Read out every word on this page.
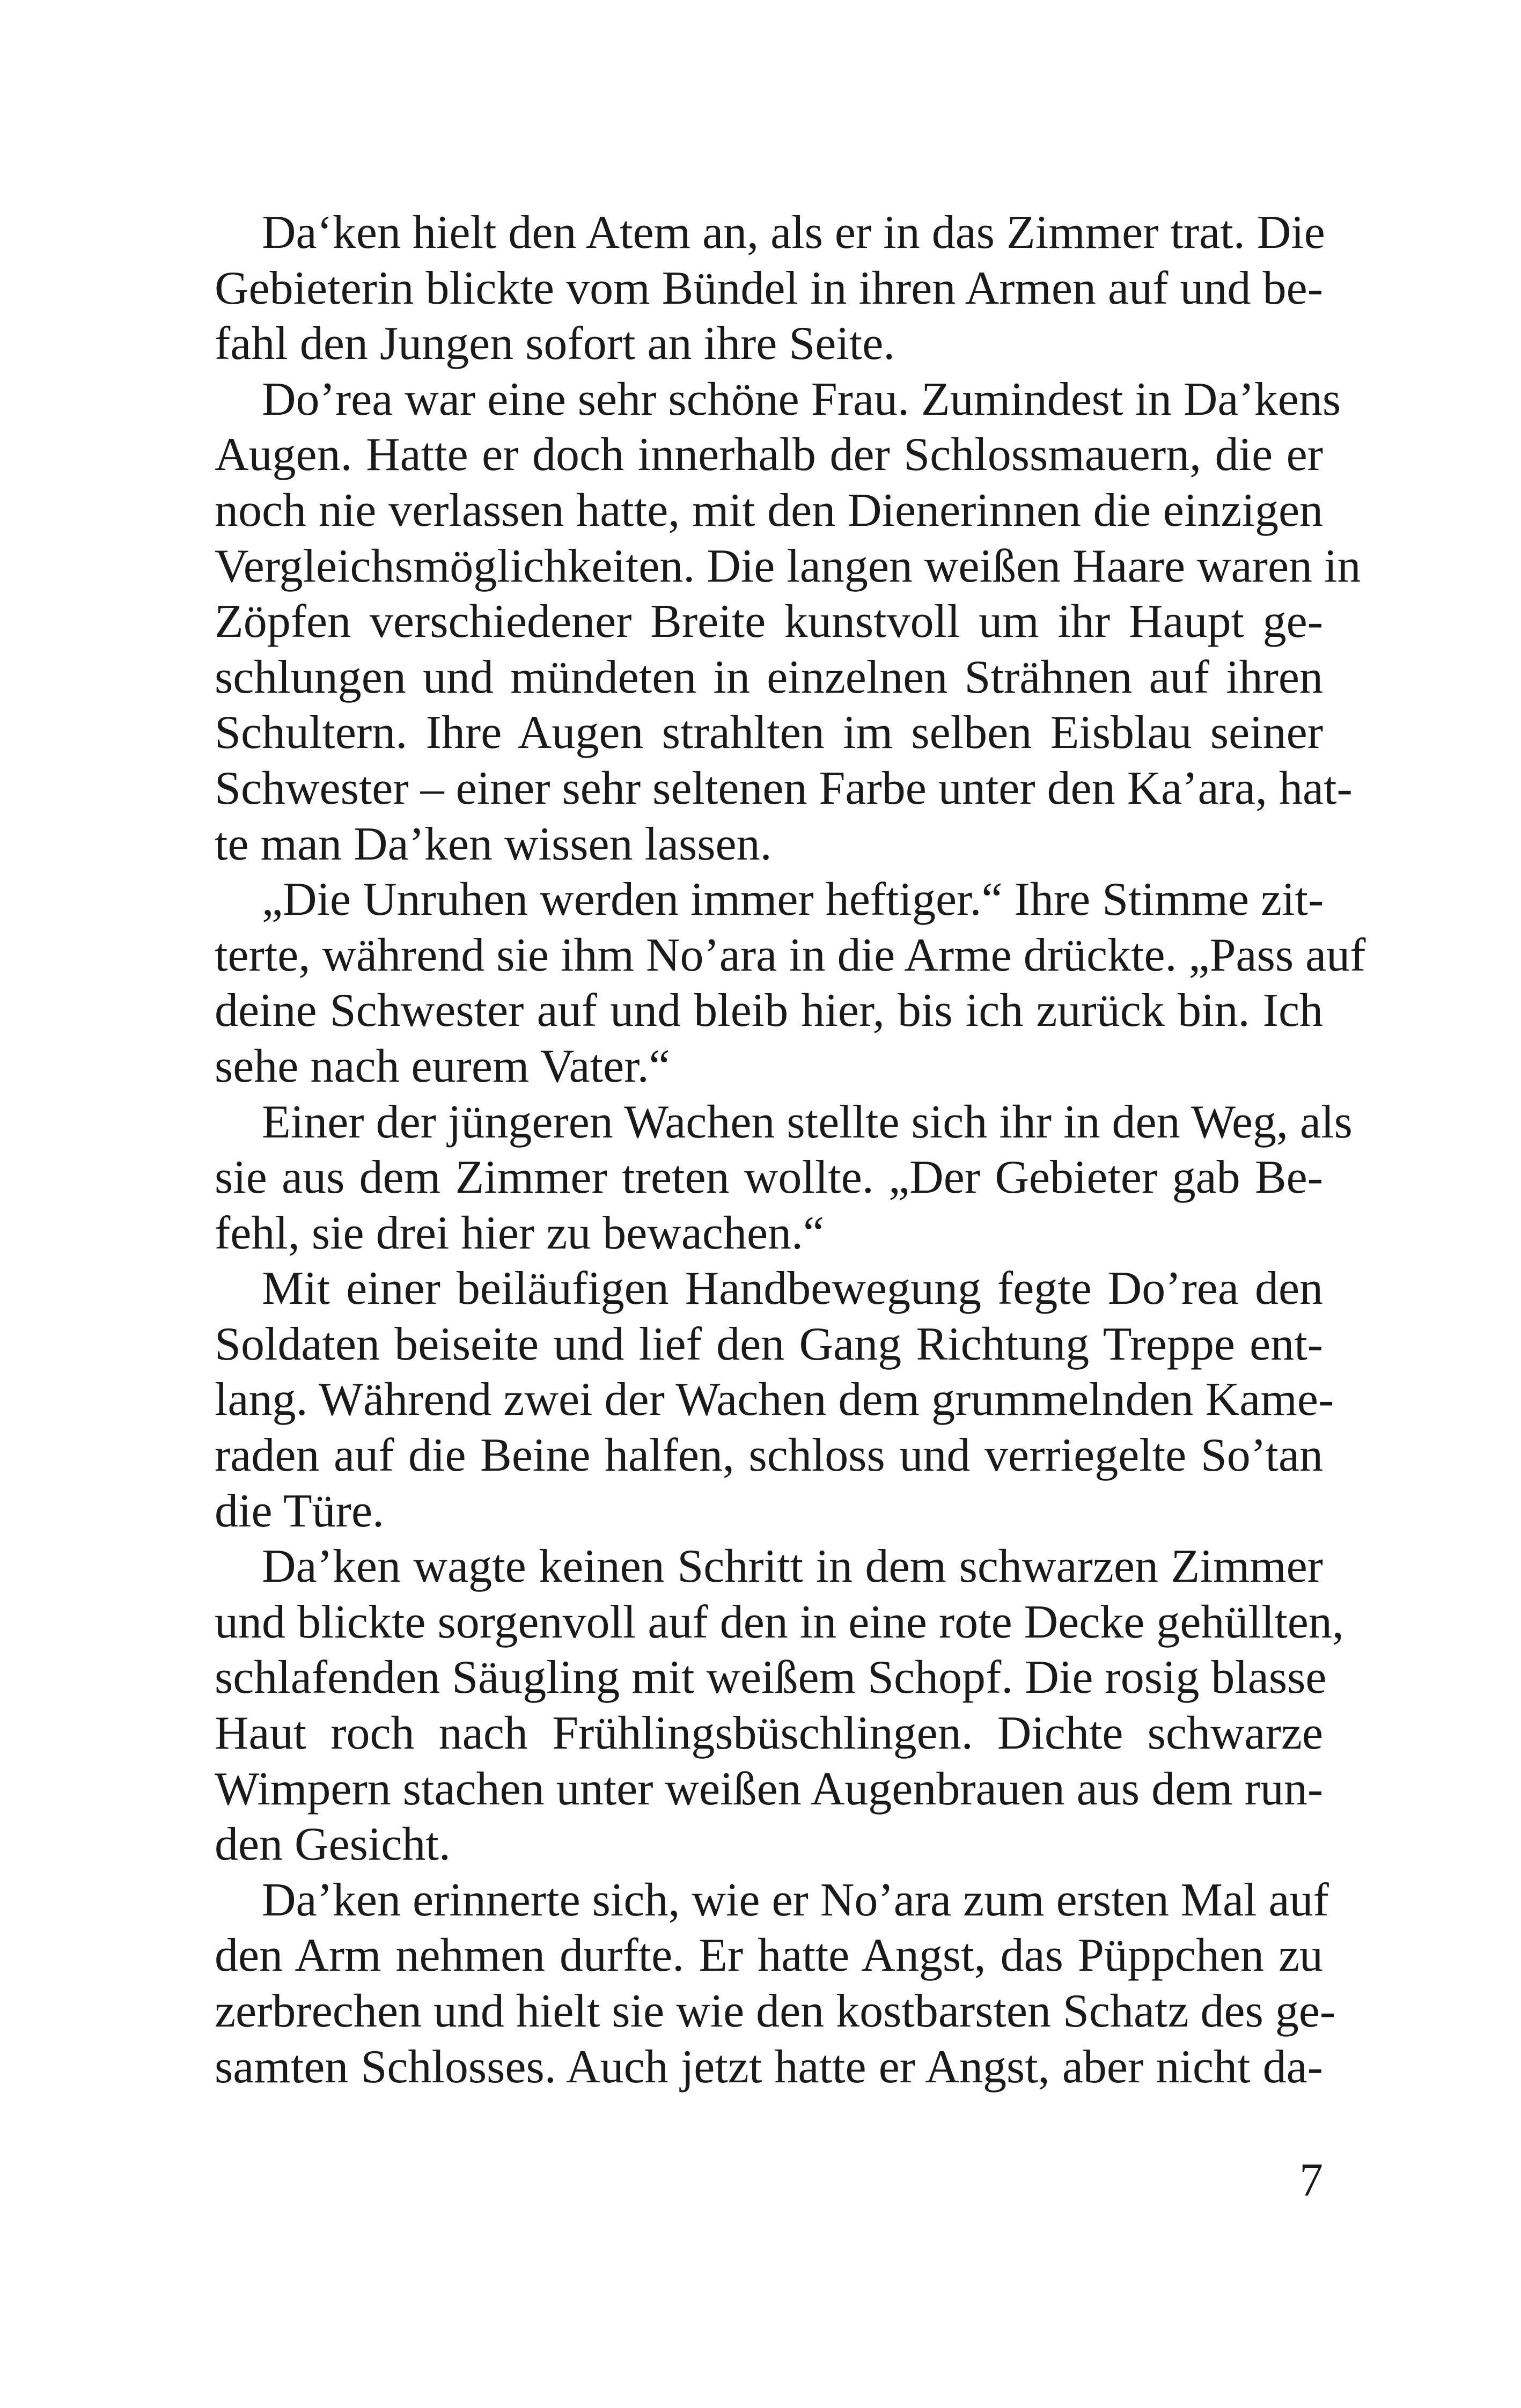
Da‘ken hielt den Atem an, als er in das Zimmer trat. Die
Gebieterin blickte vom Bündel in ihren Armen auf und be-
fahl den Jungen sofort an ihre Seite.
Do’rea war eine sehr schöne Frau. Zumindest in Da’kens
Augen. Hatte er doch innerhalb der Schlossmauern, die er
noch nie verlassen hatte, mit den Dienerinnen die einzigen
Vergleichsmöglichkeiten. Die langen weißen Haare waren in
Zöpfen verschiedener Breite kunstvoll um ihr Haupt ge-
schlungen und mündeten in einzelnen Strähnen auf ihren
Schultern. Ihre Augen strahlten im selben Eisblau seiner
Schwester – einer sehr seltenen Farbe unter den Ka’ara, hat-
te man Da’ken wissen lassen.
„Die Unruhen werden immer heftiger.“ Ihre Stimme zit-
terte, während sie ihm No’ara in die Arme drückte. „Pass auf
deine Schwester auf und bleib hier, bis ich zurück bin. Ich
sehe nach eurem Vater.“
Einer der jüngeren Wachen stellte sich ihr in den Weg, als
sie aus dem Zimmer treten wollte. „Der Gebieter gab Be-
fehl, sie drei hier zu bewachen.“
Mit einer beiläufigen Handbewegung fegte Do’rea den
Soldaten beiseite und lief den Gang Richtung Treppe ent-
lang. Während zwei der Wachen dem grummelnden Kame-
raden auf die Beine halfen, schloss und verriegelte So’tan
die Türe.
Da’ken wagte keinen Schritt in dem schwarzen Zimmer
und blickte sorgenvoll auf den in eine rote Decke gehüllten,
schlafenden Säugling mit weißem Schopf. Die rosig blasse
Haut roch nach Frühlingsbüschlingen. Dichte schwarze
Wimpern stachen unter weißen Augenbrauen aus dem run-
den Gesicht.
Da’ken erinnerte sich, wie er No’ara zum ersten Mal auf
den Arm nehmen durfte. Er hatte Angst, das Püppchen zu
zerbrechen und hielt sie wie den kostbarsten Schatz des ge-
samten Schlosses. Auch jetzt hatte er Angst, aber nicht da-
7
